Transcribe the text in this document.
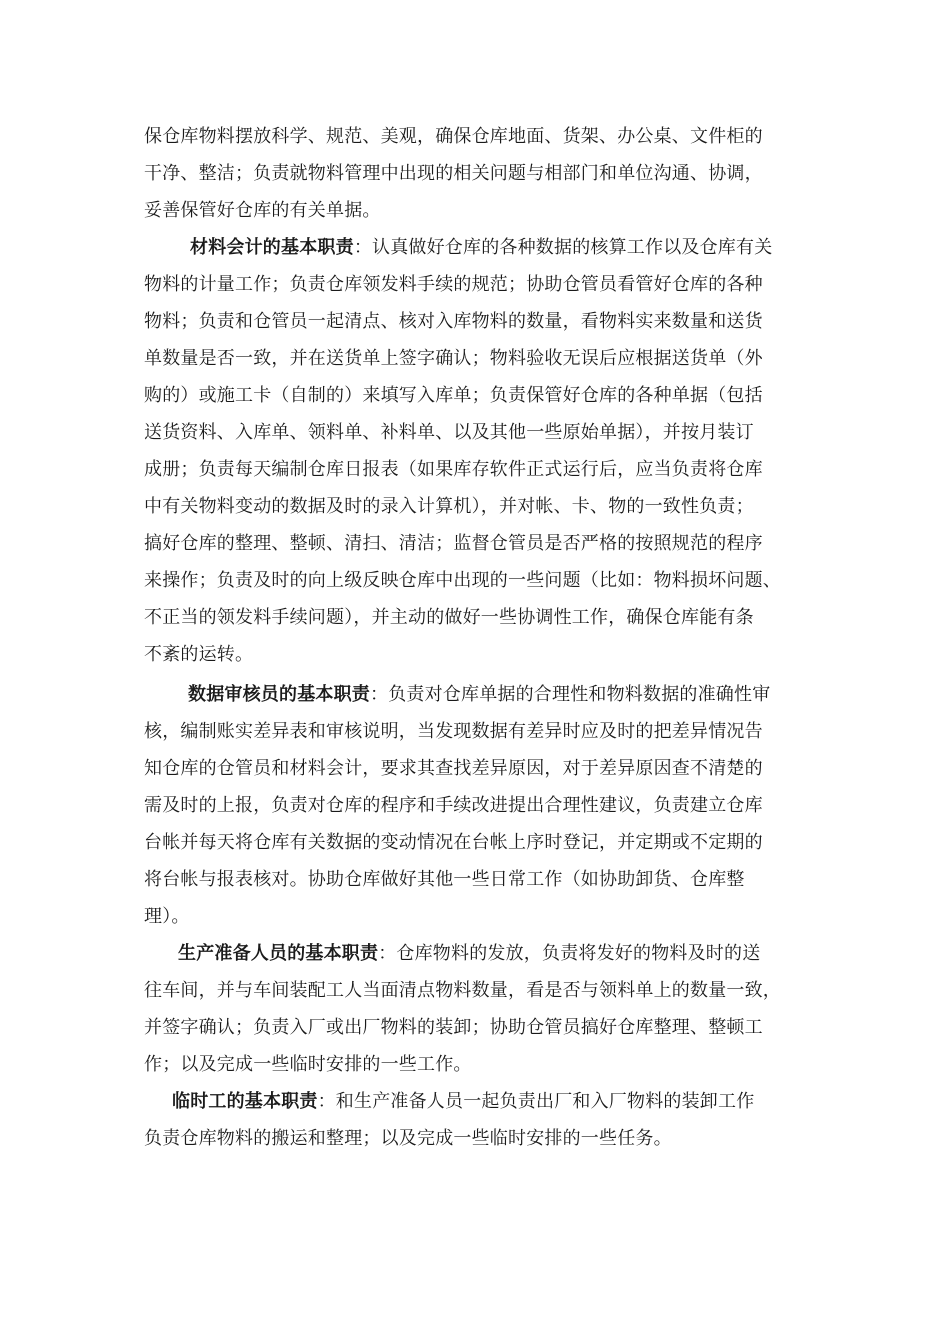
保仓库物料摆放科学、规范、美观，确保仓库地面、货架、办公桌、文件柜的
干净、整洁；负责就物料管理中出现的相关问题与相部门和单位沟通、协调，
妥善保管好仓库的有关单据。
材料会计的基本职责：认真做好仓库的各种数据的核算工作以及仓库有关
物料的计量工作；负责仓库领发料手续的规范；协助仓管员看管好仓库的各种
物料；负责和仓管员一起清点、核对入库物料的数量，看物料实来数量和送货
单数量是否一致，并在送货单上签字确认；物料验收无误后应根据送货单（外
购的）或施工卡（自制的）来填写入库单；负责保管好仓库的各种单据（包括
送货资料、入库单、领料单、补料单、以及其他一些原始单据），并按月装订
成册；负责每天编制仓库日报表（如果库存软件正式运行后，应当负责将仓库
中有关物料变动的数据及时的录入计算机），并对帐、卡、物的一致性负责；
搞好仓库的整理、整顿、清扫、清洁；监督仓管员是否严格的按照规范的程序
来操作；负责及时的向上级反映仓库中出现的一些问题（比如：物料损坏问题、
不正当的领发料手续问题），并主动的做好一些协调性工作，确保仓库能有条
不紊的运转。
数据审核员的基本职责：负责对仓库单据的合理性和物料数据的准确性审
核，编制账实差异表和审核说明，当发现数据有差异时应及时的把差异情况告
知仓库的仓管员和材料会计，要求其查找差异原因，对于差异原因查不清楚的
需及时的上报，负责对仓库的程序和手续改进提出合理性建议，负责建立仓库
台帐并每天将仓库有关数据的变动情况在台帐上序时登记，并定期或不定期的
将台帐与报表核对。协助仓库做好其他一些日常工作（如协助卸货、仓库整
理）。
生产准备人员的基本职责：仓库物料的发放，负责将发好的物料及时的送
往车间，并与车间装配工人当面清点物料数量，看是否与领料单上的数量一致，
并签字确认；负责入厂或出厂物料的装卸；协助仓管员搞好仓库整理、整顿工
作；以及完成一些临时安排的一些工作。
临时工的基本职责：和生产准备人员一起负责出厂和入厂物料的装卸工作
负责仓库物料的搬运和整理；以及完成一些临时安排的一些任务。
